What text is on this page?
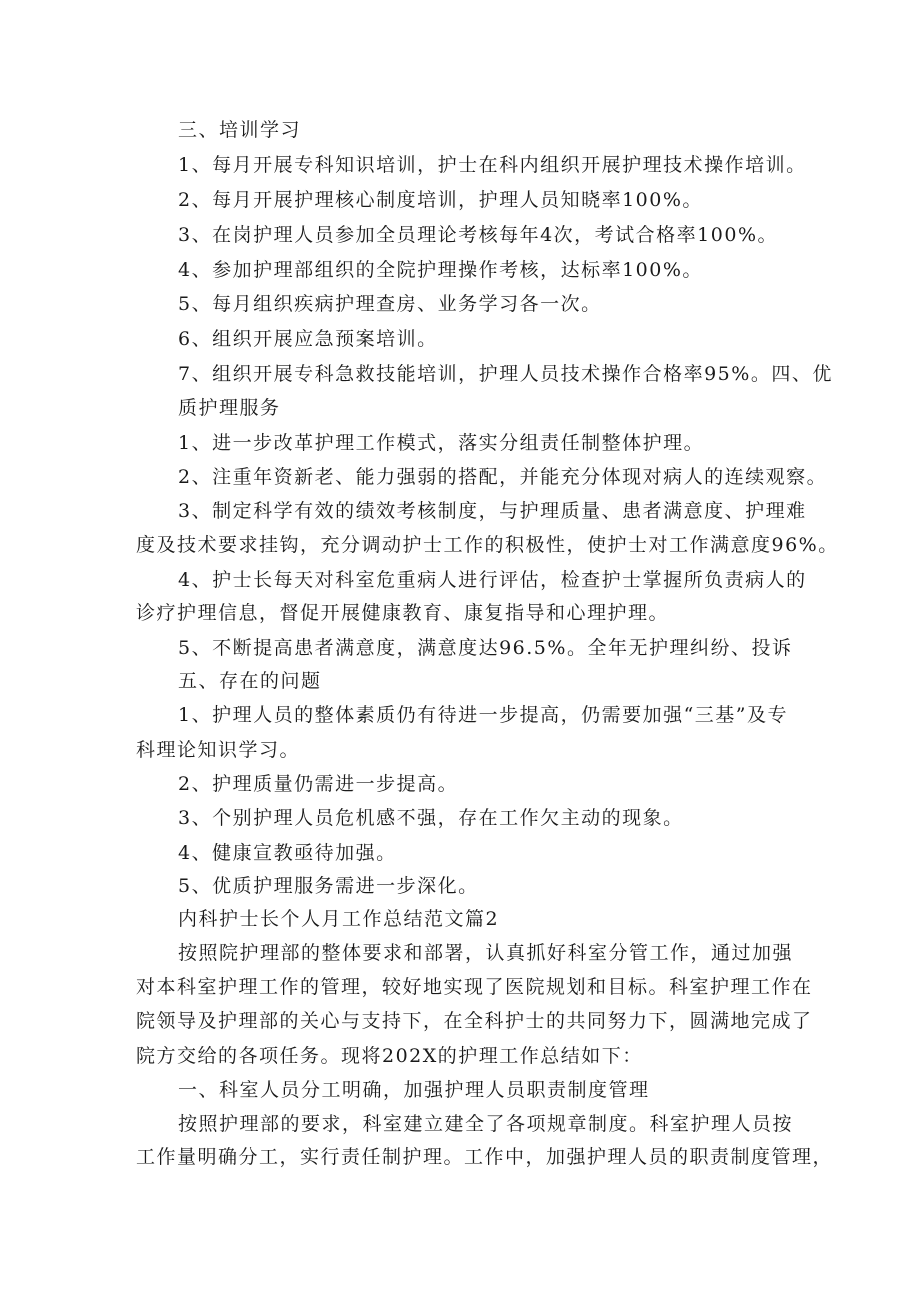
三、培训学习
1、每月开展专科知识培训，护士在科内组织开展护理技术操作培训。
2、每月开展护理核心制度培训，护理人员知晓率100%。
3、在岗护理人员参加全员理论考核每年4次，考试合格率100%。
4、参加护理部组织的全院护理操作考核，达标率100%。
5、每月组织疾病护理查房、业务学习各一次。
6、组织开展应急预案培训。
7、组织开展专科急救技能培训，护理人员技术操作合格率95%。四、优
质护理服务
1、进一步改革护理工作模式，落实分组责任制整体护理。
2、注重年资新老、能力强弱的搭配，并能充分体现对病人的连续观察。
3、制定科学有效的绩效考核制度，与护理质量、患者满意度、护理难
度及技术要求挂钩，充分调动护士工作的积极性，使护士对工作满意度96%。
4、护士长每天对科室危重病人进行评估，检查护士掌握所负责病人的
诊疗护理信息，督促开展健康教育、康复指导和心理护理。
5、不断提高患者满意度，满意度达96.5%。全年无护理纠纷、投诉
五、存在的问题
1、护理人员的整体素质仍有待进一步提高，仍需要加强“三基”及专
科理论知识学习。
2、护理质量仍需进一步提高。
3、个别护理人员危机感不强，存在工作欠主动的现象。
4、健康宣教亟待加强。
5、优质护理服务需进一步深化。
内科护士长个人月工作总结范文篇2
按照院护理部的整体要求和部署，认真抓好科室分管工作，通过加强
对本科室护理工作的管理，较好地实现了医院规划和目标。科室护理工作在
院领导及护理部的关心与支持下，在全科护士的共同努力下，圆满地完成了
院方交给的各项任务。现将202X的护理工作总结如下：
一、科室人员分工明确，加强护理人员职责制度管理
按照护理部的要求，科室建立建全了各项规章制度。科室护理人员按
工作量明确分工，实行责任制护理。工作中，加强护理人员的职责制度管理，
